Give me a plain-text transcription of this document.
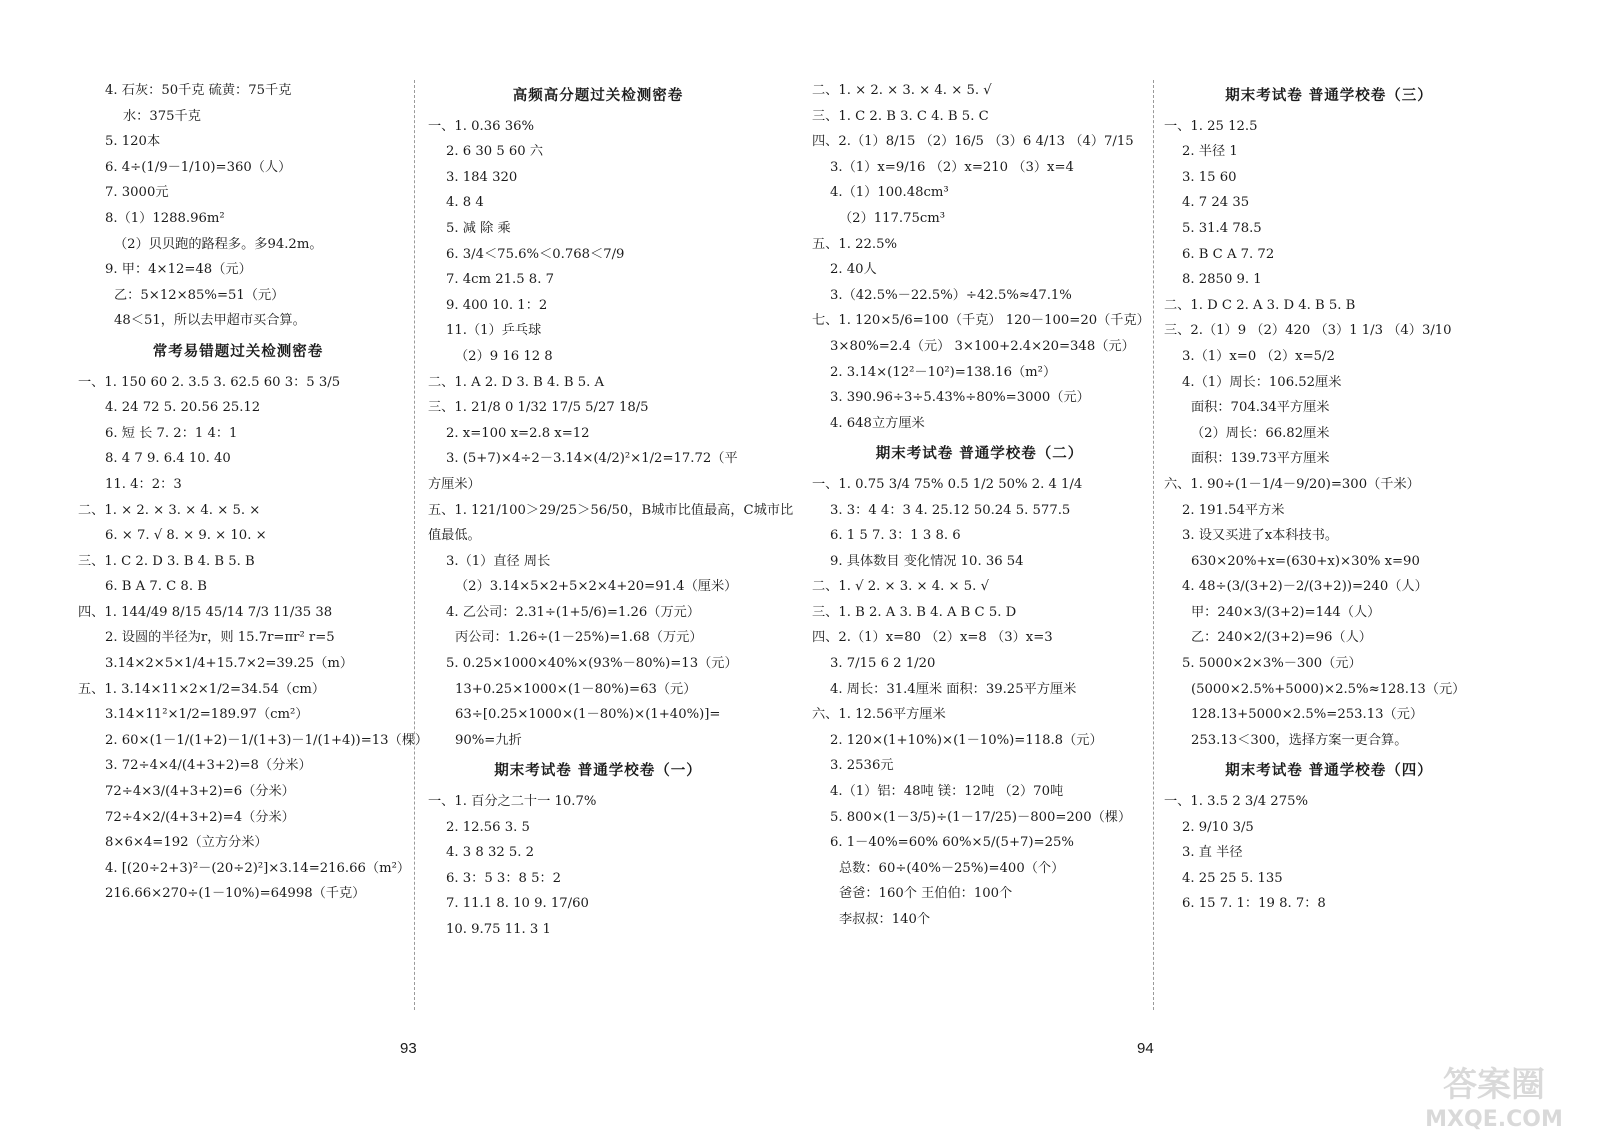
4. 石灰：50千克 硫黄：75千克
水：375千克
5. 120本
6. 4÷(1/9－1/10)=360（人）
7. 3000元
8.（1）1288.96m²
（2）贝贝跑的路程多。多94.2m。
9. 甲：4×12=48（元）
乙：5×12×85%=51（元）
48＜51，所以去甲超市买合算。
常考易错题过关检测密卷
一、1. 150 60 2. 3.5 3. 62.5 60 3：5 3/5
4. 24 72 5. 20.56 25.12
6. 短 长 7. 2：1 4：1
8. 4 7 9. 6.4 10. 40
11. 4：2：3
二、1. × 2. × 3. × 4. × 5. ×
6. × 7. √ 8. × 9. × 10. ×
三、1. C 2. D 3. B 4. B 5. B
6. B A 7. C 8. B
四、1. 144/49 8/15 45/14 7/3 11/35 38
2. 设圆的半径为r，则 15.7r=πr² r=5
3.14×2×5×1/4+15.7×2=39.25（m）
五、1. 3.14×11×2×1/2=34.54（cm）
3.14×11²×1/2=189.97（cm²）
2. 60×(1－1/(1+2)－1/(1+3)－1/(1+4))=13（棵）
3. 72÷4×4/(4+3+2)=8（分米）
72÷4×3/(4+3+2)=6（分米）
72÷4×2/(4+3+2)=4（分米）
8×6×4=192（立方分米）
4. [(20÷2+3)²－(20÷2)²]×3.14=216.66（m²）
216.66×270÷(1－10%)=64998（千克）
高频高分题过关检测密卷
一、1. 0.36 36%
2. 6 30 5 60 六
3. 184 320
4. 8 4
5. 减 除 乘
6. 3/4＜75.6%＜0.768＜7/9
7. 4cm 21.5 8. 7
9. 400 10. 1：2
11.（1）乒乓球
（2）9 16 12 8
二、1. A 2. D 3. B 4. B 5. A
三、1. 21/8 0 1/32 17/5 5/27 18/5
2. x=100 x=2.8 x=12
3. (5+7)×4÷2－3.14×(4/2)²×1/2=17.72（平
方厘米）
五、1. 121/100＞29/25＞56/50，B城市比值最高，C城市比
值最低。
3.（1）直径 周长
（2）3.14×5×2+5×2×4+20=91.4（厘米）
4. 乙公司：2.31÷(1+5/6)=1.26（万元）
丙公司：1.26÷(1－25%)=1.68（万元）
5. 0.25×1000×40%×(93%－80%)=13（元）
13+0.25×1000×(1－80%)=63（元）
63÷[0.25×1000×(1－80%)×(1+40%)]=
90%=九折
期末考试卷 普通学校卷（一）
一、1. 百分之二十一 10.7%
2. 12.56 3. 5
4. 3 8 32 5. 2
6. 3：5 3：8 5：2
7. 11.1 8. 10 9. 17/60
10. 9.75 11. 3 1
二、1. × 2. × 3. × 4. × 5. √
三、1. C 2. B 3. C 4. B 5. C
四、2.（1）8/15 （2）16/5 （3）6 4/13 （4）7/15
3.（1）x=9/16 （2）x=210 （3）x=4
4.（1）100.48cm³
（2）117.75cm³
五、1. 22.5%
2. 40人
3.（42.5%－22.5%）÷42.5%≈47.1%
七、1. 120×5/6=100（千克） 120－100=20（千克）
3×80%=2.4（元） 3×100+2.4×20=348（元）
2. 3.14×(12²－10²)=138.16（m²）
3. 390.96÷3÷5.43%÷80%=3000（元）
4. 648立方厘米
期末考试卷 普通学校卷（二）
一、1. 0.75 3/4 75% 0.5 1/2 50% 2. 4 1/4
3. 3：4 4：3 4. 25.12 50.24 5. 577.5
6. 1 5 7. 3：1 3 8. 6
9. 具体数目 变化情况 10. 36 54
二、1. √ 2. × 3. × 4. × 5. √
三、1. B 2. A 3. B 4. A B C 5. D
四、2.（1）x=80 （2）x=8 （3）x=3
3. 7/15 6 2 1/20
4. 周长：31.4厘米 面积：39.25平方厘米
六、1. 12.56平方厘米
2. 120×(1+10%)×(1－10%)=118.8（元）
3. 2536元
4.（1）铝：48吨 镁：12吨 （2）70吨
5. 800×(1－3/5)÷(1－17/25)－800=200（棵）
6. 1－40%=60% 60%×5/(5+7)=25%
总数：60÷(40%－25%)=400（个）
爸爸：160个 王伯伯：100个
李叔叔：140个
期末考试卷 普通学校卷（三）
一、1. 25 12.5
2. 半径 1
3. 15 60
4. 7 24 35
5. 31.4 78.5
6. B C A 7. 72
8. 2850 9. 1
二、1. D C 2. A 3. D 4. B 5. B
三、2.（1）9 （2）420 （3）1 1/3 （4）3/10
3.（1）x=0 （2）x=5/2
4.（1）周长：106.52厘米
面积：704.34平方厘米
（2）周长：66.82厘米
面积：139.73平方厘米
六、1. 90÷(1－1/4－9/20)=300（千米）
2. 191.54平方米
3. 设又买进了x本科技书。
630×20%+x=(630+x)×30% x=90
4. 48÷(3/(3+2)－2/(3+2))=240（人）
甲：240×3/(3+2)=144（人）
乙：240×2/(3+2)=96（人）
5. 5000×2×3%－300（元）
(5000×2.5%+5000)×2.5%≈128.13（元）
128.13+5000×2.5%=253.13（元）
253.13＜300，选择方案一更合算。
期末考试卷 普通学校卷（四）
一、1. 3.5 2 3/4 275%
2. 9/10 3/5
3. 直 半径
4. 25 25 5. 135
6. 15 7. 1：19 8. 7：8
93	94
答案圈
MXQE.COM
